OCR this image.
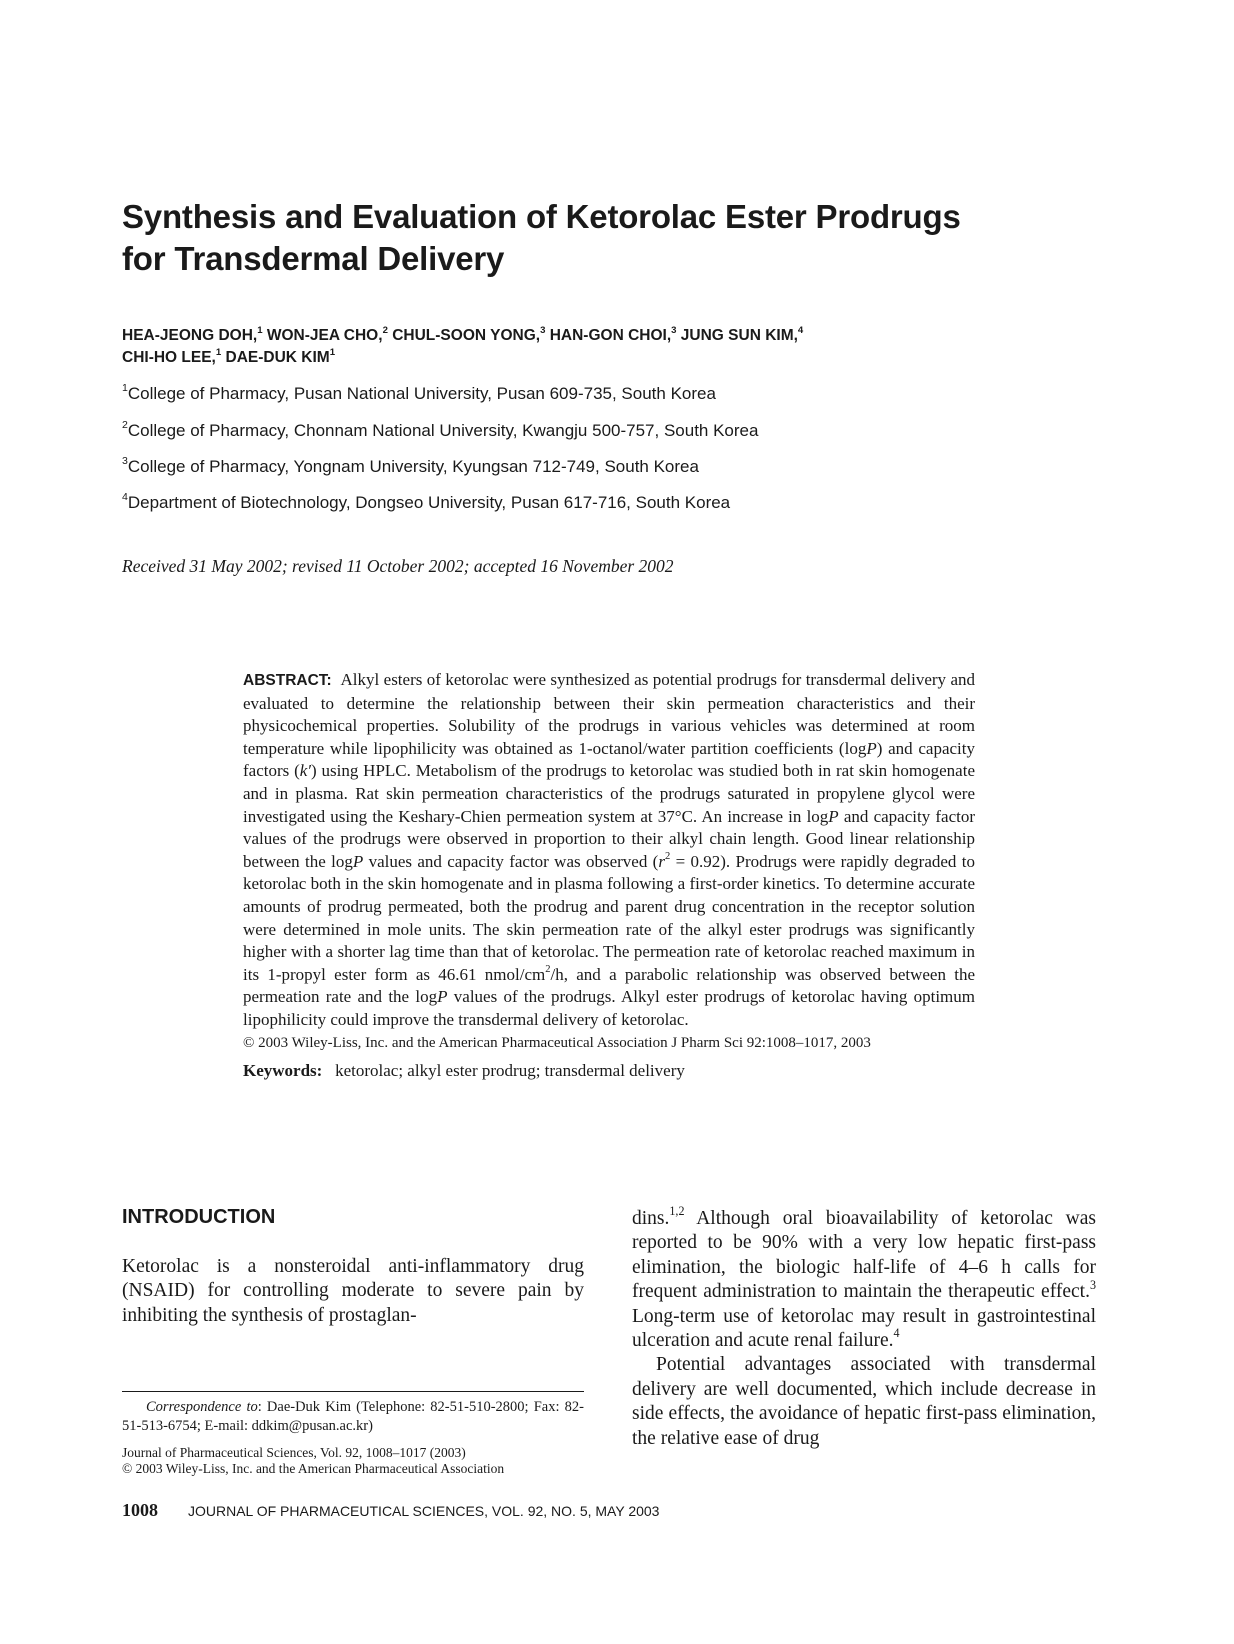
Synthesis and Evaluation of Ketorolac Ester Prodrugs
for Transdermal Delivery

HEA-JEONG DOH,$^1$ WON-JEA CHO,$^2$ CHUL-SOON YONG,$^3$ HAN-GON CHOI,$^3$ JUNG SUN KIM,$^4$
CHI-HO LEE,$^1$ DAE-DUK KIM$^1$

$^1$College of Pharmacy, Pusan National University, Pusan 609-735, South Korea

$^2$College of Pharmacy, Chonnam National University, Kwangju 500-757, South Korea

$^3$College of Pharmacy, Yongnam University, Kyungsan 712-749, South Korea

$^4$Department of Biotechnology, Dongseo University, Pusan 617-716, South Korea

Received 31 May 2002; revised 11 October 2002; accepted 16 November 2002

ABSTRACT: Alkyl esters of ketorolac were synthesized as potential prodrugs for transdermal delivery and evaluated to determine the relationship between their skin permeation characteristics and their physicochemical properties. Solubility of the prodrugs in various vehicles was determined at room temperature while lipophilicity was obtained as 1-octanol/water partition coefficients (logP) and capacity factors (k′) using HPLC. Metabolism of the prodrugs to ketorolac was studied both in rat skin homogenate and in plasma. Rat skin permeation characteristics of the prodrugs saturated in propylene glycol were investigated using the Keshary-Chien permeation system at 37°C. An increase in logP and capacity factor values of the prodrugs were observed in proportion to their alkyl chain length. Good linear relationship between the logP values and capacity factor was observed $(r^2 = 0.92)$. Prodrugs were rapidly degraded to ketorolac both in the skin homogenate and in plasma following a first-order kinetics. To determine accurate amounts of prodrug permeated, both the prodrug and parent drug concentration in the receptor solution were determined in mole units. The skin permeation rate of the alkyl ester prodrugs was significantly higher with a shorter lag time than that of ketorolac. The permeation rate of ketorolac reached maximum in its 1-propyl ester form as 46.61 nmol/$cm^2/h$, and a parabolic relationship was observed between the permeation rate and the logP values of the prodrugs. Alkyl ester prodrugs of ketorolac having optimum lipophilicity could improve the transdermal delivery of ketorolac.

© 2003 Wiley-Liss, Inc. and the American Pharmaceutical Association J Pharm Sci 92:1008–1017, 2003

Keywords: ketorolac; alkyl ester prodrug; transdermal delivery

INTRODUCTION

Ketorolac is a nonsteroidal anti-inflammatory drug (NSAID) for controlling moderate to severe pain by inhibiting the synthesis of prostaglan-

dins.$^{1,2}$ Although oral bioavailability of ketorolac was reported to be 90% with a very low hepatic first-pass elimination, the biologic half-life of 4–6 h calls for frequent administration to maintain the therapeutic effect.$^3$ Long-term use of ketorolac may result in gastrointestinal ulceration and acute renal failure.$^4$

Potential advantages associated with transdermal delivery are well documented, which include decrease in side effects, the avoidance of hepatic first-pass elimination, the relative ease of drug

Correspondence to: Dae-Duk Kim (Telephone: 82-51-510-2800; Fax: 82-51-513-6754; E-mail: ddkim@pusan.ac.kr)

Journal of Pharmaceutical Sciences, Vol. 92, 1008–1017 (2003)
© 2003 Wiley-Liss, Inc. and the American Pharmaceutical Association

1008 JOURNAL OF PHARMACEUTICAL SCIENCES, VOL. 92, NO. 5, MAY 2003
